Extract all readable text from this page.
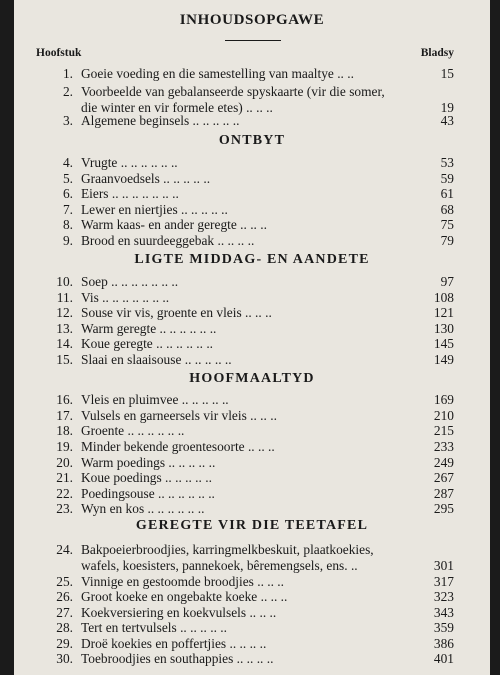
INHOUDSOPGAWE
Hoofstuk	Bladsy
ONTBYT
LIGTE MIDDAG- EN AANDETE
HOOFMAALTYD
GEREGTE VIR DIE TEETAFEL
1. Goeie voeding en die samestelling van maaltye .. ..	15
2. Voorbeelde van gebalanseerde spyskaarte (vir die somer,
die winter en vir formele etes) .. .. ..	19
3. Algemene beginsels .. .. .. .. ..	43
4. Vrugte .. .. .. .. .. ..	53
5. Graanvoedsels .. .. .. .. ..	59
6. Eiers .. .. .. .. .. .. ..	61
7. Lewer en niertjies .. .. .. .. ..	68
8. Warm kaas- en ander geregte .. .. ..	75
9. Brood en suurdeeggebak .. .. .. ..	79
10. Soep .. .. .. .. .. .. ..	97
11. Vis .. .. .. .. .. .. ..	108
12. Souse vir vis, groente en vleis .. .. ..	121
13. Warm geregte .. .. .. .. .. ..	130
14. Koue geregte .. .. .. .. .. ..	145
15. Slaai en slaaisouse .. .. .. .. ..	149
16. Vleis en pluimvee .. .. .. .. ..	169
17. Vulsels en garneersels vir vleis .. .. ..	210
18. Groente .. .. .. .. .. ..	215
19. Minder bekende groentesoorte .. .. ..	233
20. Warm poedings .. .. .. .. ..	249
21. Koue poedings .. .. .. .. ..	267
22. Poedingsouse .. .. .. .. .. ..	287
23. Wyn en kos .. .. .. .. .. ..	295
24. Bakpoeierbroodjies, karringmelkbeskuit, plaatkoekies,
wafels, koesisters, pannekoek, bêremengsels, ens. ..	301
25. Vinnige en gestoomde broodjies .. .. ..	317
26. Groot koeke en ongebakte koeke .. .. ..	323
27. Koekversiering en koekvulsels .. .. ..	343
28. Tert en tertvulsels .. .. .. .. ..	359
29. Droë koekies en poffertjies .. .. .. ..	386
30. Toebroodjies en southappies .. .. .. ..	401
